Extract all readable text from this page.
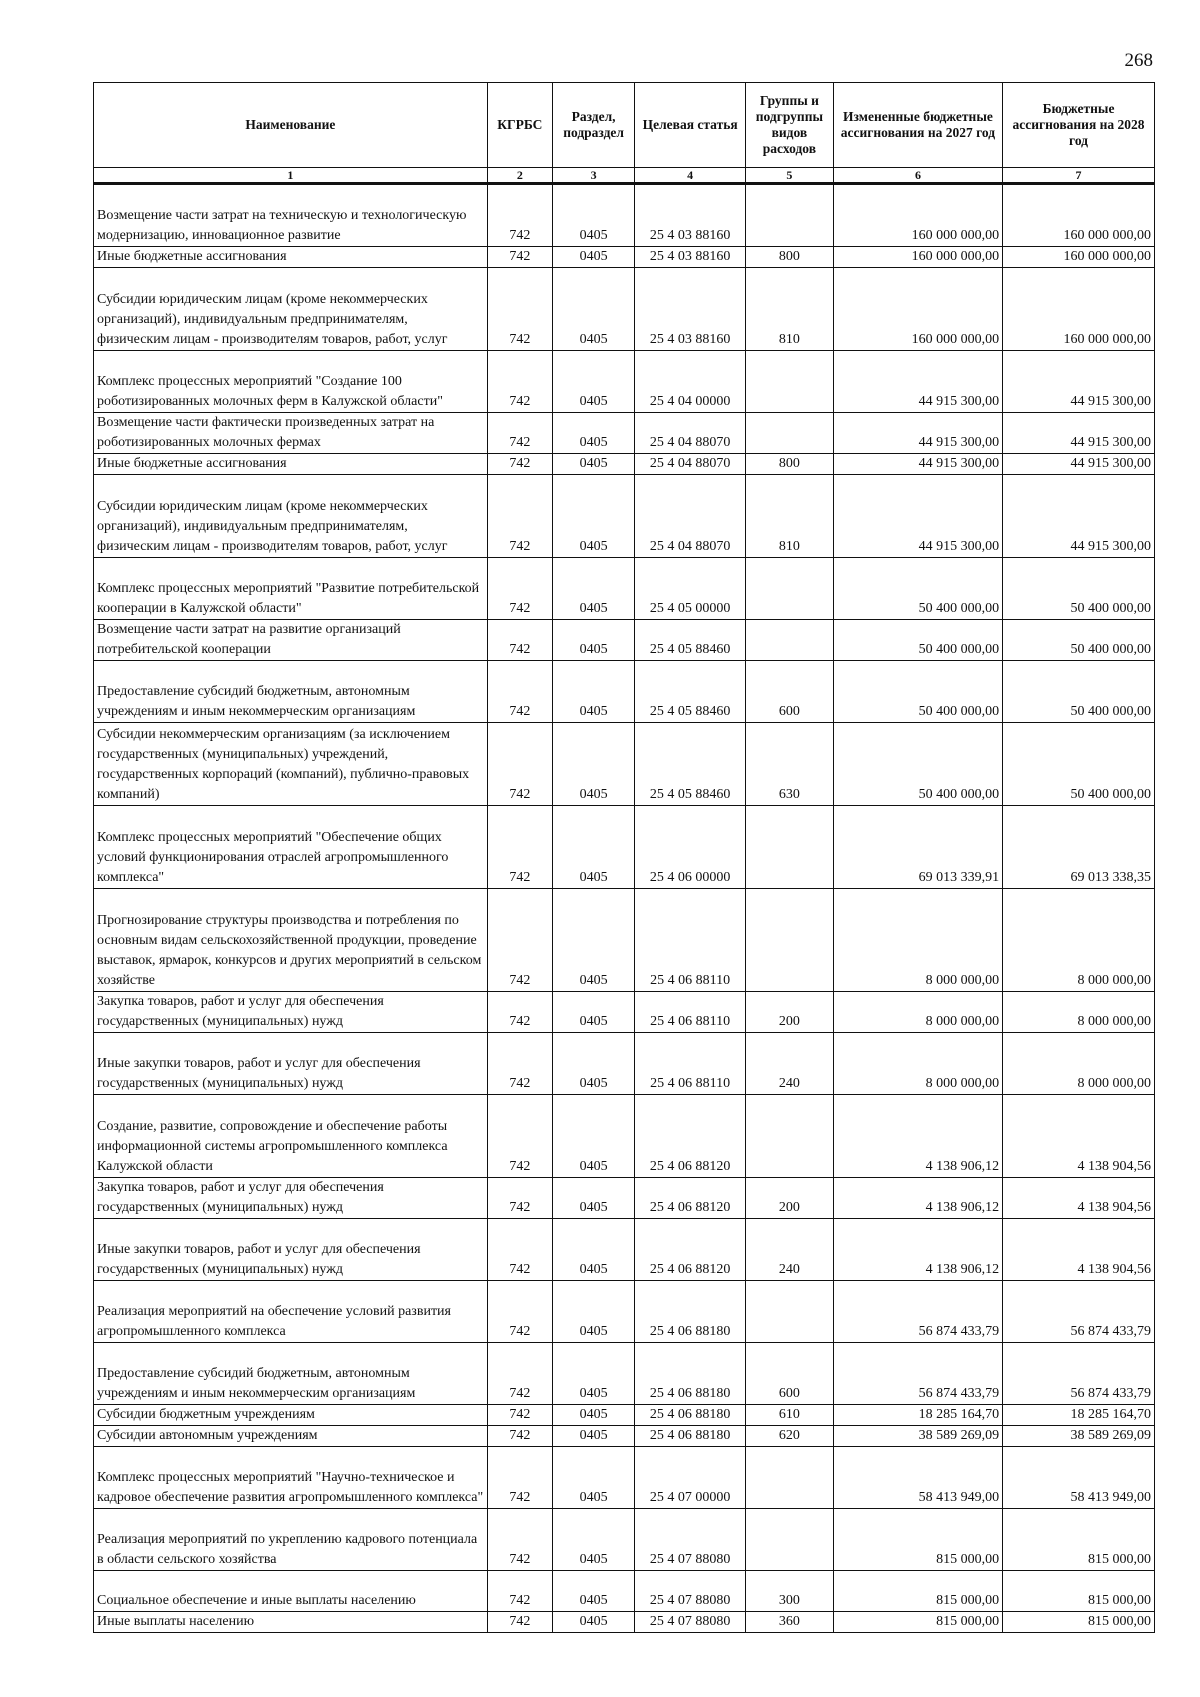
268
Наименование	КГРБС	Раздел, подраздел	Целевая статья	Группы и подгруппы видов расходов	Измененные бюджетные ассигнования на 2027 год	Бюджетные ассигнования на 2028 год
1	2	3	4	5	6	7
Возмещение части затрат на техническую и технологическую модернизацию, инновационное развитие	742	0405	25 4 03 88160		160 000 000,00	160 000 000,00
Иные бюджетные ассигнования	742	0405	25 4 03 88160	800	160 000 000,00	160 000 000,00
Субсидии юридическим лицам (кроме некоммерческих организаций), индивидуальным предпринимателям, физическим лицам - производителям товаров, работ, услуг	742	0405	25 4 03 88160	810	160 000 000,00	160 000 000,00
Комплекс процессных мероприятий "Создание 100 роботизированных молочных ферм в Калужской области"	742	0405	25 4 04 00000		44 915 300,00	44 915 300,00
Возмещение части фактически произведенных затрат на роботизированных молочных фермах	742	0405	25 4 04 88070		44 915 300,00	44 915 300,00
Иные бюджетные ассигнования	742	0405	25 4 04 88070	800	44 915 300,00	44 915 300,00
Субсидии юридическим лицам (кроме некоммерческих организаций), индивидуальным предпринимателям, физическим лицам - производителям товаров, работ, услуг	742	0405	25 4 04 88070	810	44 915 300,00	44 915 300,00
Комплекс процессных мероприятий "Развитие потребительской кооперации в Калужской области"	742	0405	25 4 05 00000		50 400 000,00	50 400 000,00
Возмещение части затрат на развитие организаций потребительской кооперации	742	0405	25 4 05 88460		50 400 000,00	50 400 000,00
Предоставление субсидий бюджетным, автономным учреждениям и иным некоммерческим организациям	742	0405	25 4 05 88460	600	50 400 000,00	50 400 000,00
Субсидии некоммерческим организациям (за исключением государственных (муниципальных) учреждений, государственных корпораций (компаний), публично-правовых компаний)	742	0405	25 4 05 88460	630	50 400 000,00	50 400 000,00
Комплекс процессных мероприятий "Обеспечение общих условий функционирования отраслей агропромышленного комплекса"	742	0405	25 4 06 00000		69 013 339,91	69 013 338,35
Прогнозирование структуры производства и потребления по основным видам сельскохозяйственной продукции, проведение выставок, ярмарок, конкурсов и других мероприятий в сельском хозяйстве	742	0405	25 4 06 88110		8 000 000,00	8 000 000,00
Закупка товаров, работ и услуг для обеспечения государственных (муниципальных) нужд	742	0405	25 4 06 88110	200	8 000 000,00	8 000 000,00
Иные закупки товаров, работ и услуг для обеспечения государственных (муниципальных) нужд	742	0405	25 4 06 88110	240	8 000 000,00	8 000 000,00
Создание, развитие, сопровождение и обеспечение работы информационной системы агропромышленного комплекса Калужской области	742	0405	25 4 06 88120		4 138 906,12	4 138 904,56
Закупка товаров, работ и услуг для обеспечения государственных (муниципальных) нужд	742	0405	25 4 06 88120	200	4 138 906,12	4 138 904,56
Иные закупки товаров, работ и услуг для обеспечения государственных (муниципальных) нужд	742	0405	25 4 06 88120	240	4 138 906,12	4 138 904,56
Реализация мероприятий на обеспечение условий развития агропромышленного комплекса	742	0405	25 4 06 88180		56 874 433,79	56 874 433,79
Предоставление субсидий бюджетным, автономным учреждениям и иным некоммерческим организациям	742	0405	25 4 06 88180	600	56 874 433,79	56 874 433,79
Субсидии бюджетным учреждениям	742	0405	25 4 06 88180	610	18 285 164,70	18 285 164,70
Субсидии автономным учреждениям	742	0405	25 4 06 88180	620	38 589 269,09	38 589 269,09
Комплекс процессных мероприятий "Научно-техническое и кадровое обеспечение развития агропромышленного комплекса"	742	0405	25 4 07 00000		58 413 949,00	58 413 949,00
Реализация мероприятий по укреплению кадрового потенциала в области сельского хозяйства	742	0405	25 4 07 88080		815 000,00	815 000,00
Социальное обеспечение и иные выплаты населению	742	0405	25 4 07 88080	300	815 000,00	815 000,00
Иные выплаты населению	742	0405	25 4 07 88080	360	815 000,00	815 000,00
